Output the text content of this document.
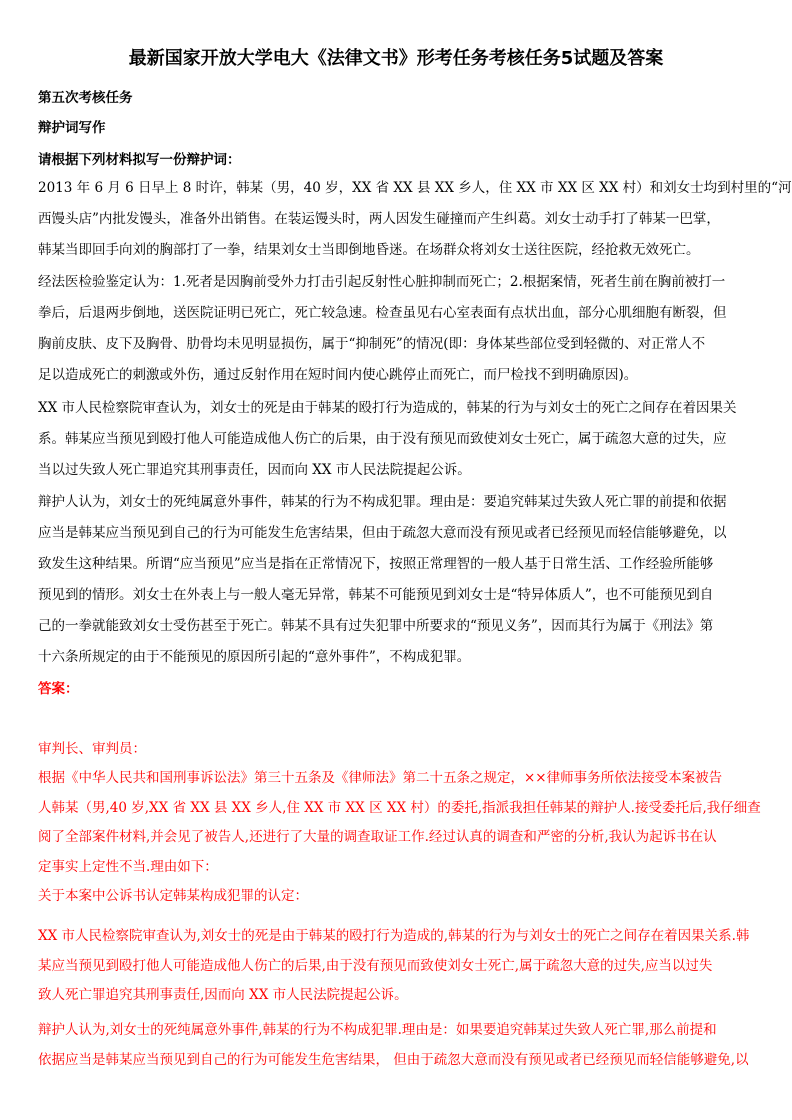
最新国家开放大学电大《法律文书》形考任务考核任务5试题及答案
第五次考核任务
辩护词写作
请根据下列材料拟写一份辩护词：
2013 年 6 月 6 日早上 8 时许，韩某（男，40 岁，XX 省 XX 县 XX 乡人，住 XX 市 XX 区 XX 村）和刘女士均到村里的“河
西馒头店”内批发馒头，准备外出销售。在装运馒头时，两人因发生碰撞而产生纠葛。刘女士动手打了韩某一巴掌，
韩某当即回手向刘的胸部打了一拳，结果刘女士当即倒地昏迷。在场群众将刘女士送往医院，经抢救无效死亡。
经法医检验鉴定认为：1.死者是因胸前受外力打击引起反射性心脏抑制而死亡；2.根据案情，死者生前在胸前被打一
拳后，后退两步倒地，送医院证明已死亡，死亡较急速。检查虽见右心室表面有点状出血，部分心肌细胞有断裂，但
胸前皮肤、皮下及胸骨、肋骨均未见明显损伤，属于“抑制死”的情况(即：身体某些部位受到轻微的、对正常人不
足以造成死亡的刺激或外伤，通过反射作用在短时间内使心跳停止而死亡，而尸检找不到明确原因)。
XX 市人民检察院审查认为，刘女士的死是由于韩某的殴打行为造成的，韩某的行为与刘女士的死亡之间存在着因果关
系。韩某应当预见到殴打他人可能造成他人伤亡的后果，由于没有预见而致使刘女士死亡，属于疏忽大意的过失，应
当以过失致人死亡罪追究其刑事责任，因而向 XX 市人民法院提起公诉。
辩护人认为，刘女士的死纯属意外事件，韩某的行为不构成犯罪。理由是：要追究韩某过失致人死亡罪的前提和依据
应当是韩某应当预见到自己的行为可能发生危害结果，但由于疏忽大意而没有预见或者已经预见而轻信能够避免，以
致发生这种结果。所谓“应当预见”应当是指在正常情况下，按照正常理智的一般人基于日常生活、工作经验所能够
预见到的情形。刘女士在外表上与一般人毫无异常，韩某不可能预见到刘女士是“特异体质人”，也不可能预见到自
己的一拳就能致刘女士受伤甚至于死亡。韩某不具有过失犯罪中所要求的“预见义务”，因而其行为属于《刑法》第
十六条所规定的由于不能预见的原因所引起的“意外事件”，不构成犯罪。
答案：
审判长、审判员：
根据《中华人民共和国刑事诉讼法》第三十五条及《律师法》第二十五条之规定，××律师事务所依法接受本案被告
人韩某（男,40 岁,XX 省 XX 县 XX 乡人,住 XX 市 XX 区 XX 村）的委托,指派我担任韩某的辩护人.接受委托后,我仔细查
阅了全部案件材料,并会见了被告人,还进行了大量的调查取证工作.经过认真的调查和严密的分析,我认为起诉书在认
定事实上定性不当.理由如下：
关于本案中公诉书认定韩某构成犯罪的认定：
XX 市人民检察院审查认为,刘女士的死是由于韩某的殴打行为造成的,韩某的行为与刘女士的死亡之间存在着因果关系.韩
某应当预见到殴打他人可能造成他人伤亡的后果,由于没有预见而致使刘女士死亡,属于疏忽大意的过失,应当以过失
致人死亡罪追究其刑事责任,因而向 XX 市人民法院提起公诉。
辩护人认为,刘女士的死纯属意外事件,韩某的行为不构成犯罪.理由是：如果要追究韩某过失致人死亡罪,那么前提和
依据应当是韩某应当预见到自己的行为可能发生危害结果， 但由于疏忽大意而没有预见或者已经预见而轻信能够避免,以
